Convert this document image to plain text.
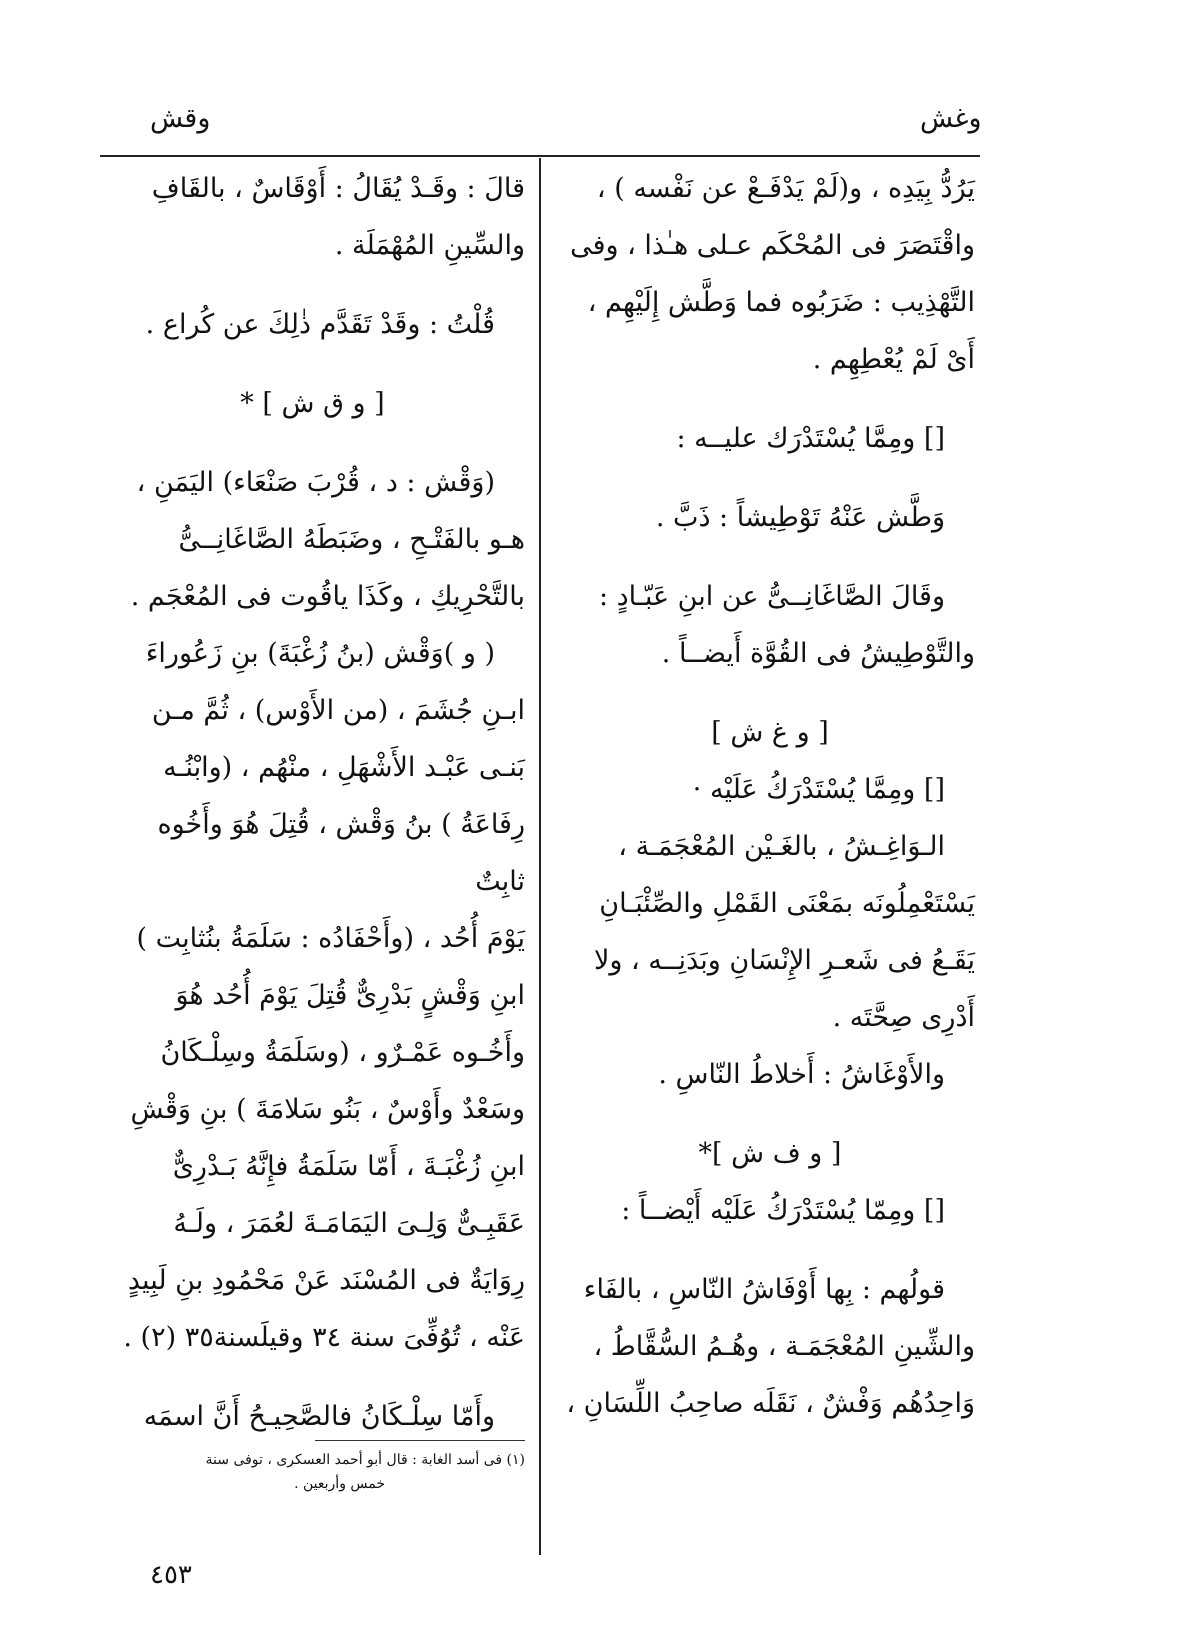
وغش
وقش

يَرُدُّ بِيَدِه ، و(لَمْ يَدْفَـعْ عن نَفْسه ) ،

واقْتَصَرَ فى المُحْكَم عـلى هـٰذا ، وفى

التَّهْذِيب : ضَرَبُوه فما وَطَّش إِلَيْهِم ،

أَىْ لَمْ يُعْطِهِم .

[] ومِمَّا يُسْتَدْرَك عليــه :

وَطَّش عَنْهُ تَوْطِيشاً : ذَبَّ .

وقَالَ الصَّاغَانِــىُّ عن ابنِ عَبّـادٍ :

والتَّوْطِيشُ فى القُوَّة أَيضــاً .

[ و غ ش ]

[] ومِمَّا يُسْتَدْرَكُ عَلَيْه ·

الـوَاغِـشُ ، بالغَـيْن المُعْجَمَـة ،

يَسْتَعْمِلُونَه بمَعْنَى القَمْلِ والصِّئْبَـانِ

يَقَـعُ فى شَعـرِ الإِنْسَانِ وبَدَنِــه ، ولا

أَدْرِى صِحَّتَه .

والأَوْغَاشُ : أَخلاطُ النّاسِ .

[ و ف ش ]*

[] ومِمّا يُسْتَدْرَكُ عَلَيْه أَيْضــاً :

قولُهم : بِها أَوْفَاشُ النّاسِ ، بالفَاء

والشِّينِ المُعْجَمَـة ، وهُـمُ السُّقَّاطُ ،

وَاحِدُهُم وَفْشٌ ، نَقَلَه صاحِبُ اللِّسَانِ ،

قالَ : وقَـدْ يُقَالُ : أَوْقَاسٌ ، بالقَافِ

والسِّينِ المُهْمَلَة .

قُلْتُ : وقَدْ تَقَدَّم ذٰلِكَ عن كُراع .

[ و ق ش ] *

(وَقْش : د ، قُرْبَ صَنْعَاء) اليَمَنِ ،

هـو بالفَتْـحِ ، وضَبَطَهُ الصَّاغَانِــىُّ

بالتَّحْرِيكِ ، وكَذَا ياقُوت فى المُعْجَم .

( و )وَقْش (بنُ زُغْبَةَ) بنِ زَعُوراءَ

ابـنِ جُشَمَ ، (من الأَوْس) ، ثُمَّ مـن

بَنـى عَبْـد الأَشْهَلِ ، منْهُم ، (وابْنُـه

رِفَاعَةُ ) بنُ وَقْش ، قُتِلَ هُوَ وأَخُوه ثابِتٌ

يَوْمَ أُحُد ، (وأَحْفَادُه : سَلَمَةُ بنُثابِت )

ابنِ وَقْشٍ بَدْرِىٌّ قُتِلَ يَوْمَ أُحُد هُوَ

وأَخُـوه عَمْـرٌو ، (وسَلَمَةُ وسِلْـكَانُ

وسَعْدٌ وأَوْسٌ ، بَنُو سَلامَةَ ) بنِ وَقْشِ

ابنِ زُغْبَـةَ ، أَمّا سَلَمَةُ فإِنَّهُ بَـدْرِىٌّ

عَقَبِـىٌّ وَلِـىَ اليَمَامَـةَ لعُمَرَ ، ولَـهُ

رِوَايَةٌ فى المُسْنَد عَنْ مَحْمُودِ بنِ لَبِيدٍ

عَنْه ، تُوُفِّىَ سنة ٣٤ وقيلَسنة٣٥ (٢) .

وأَمّا سِلْـكَانُ فالصَّحِيـحُ أَنَّ اسمَه

(١) فى أسد الغابة : قال أبو أحمد العسكرى ، توفى سنة
خمس وأربعين .
٤٥٣
